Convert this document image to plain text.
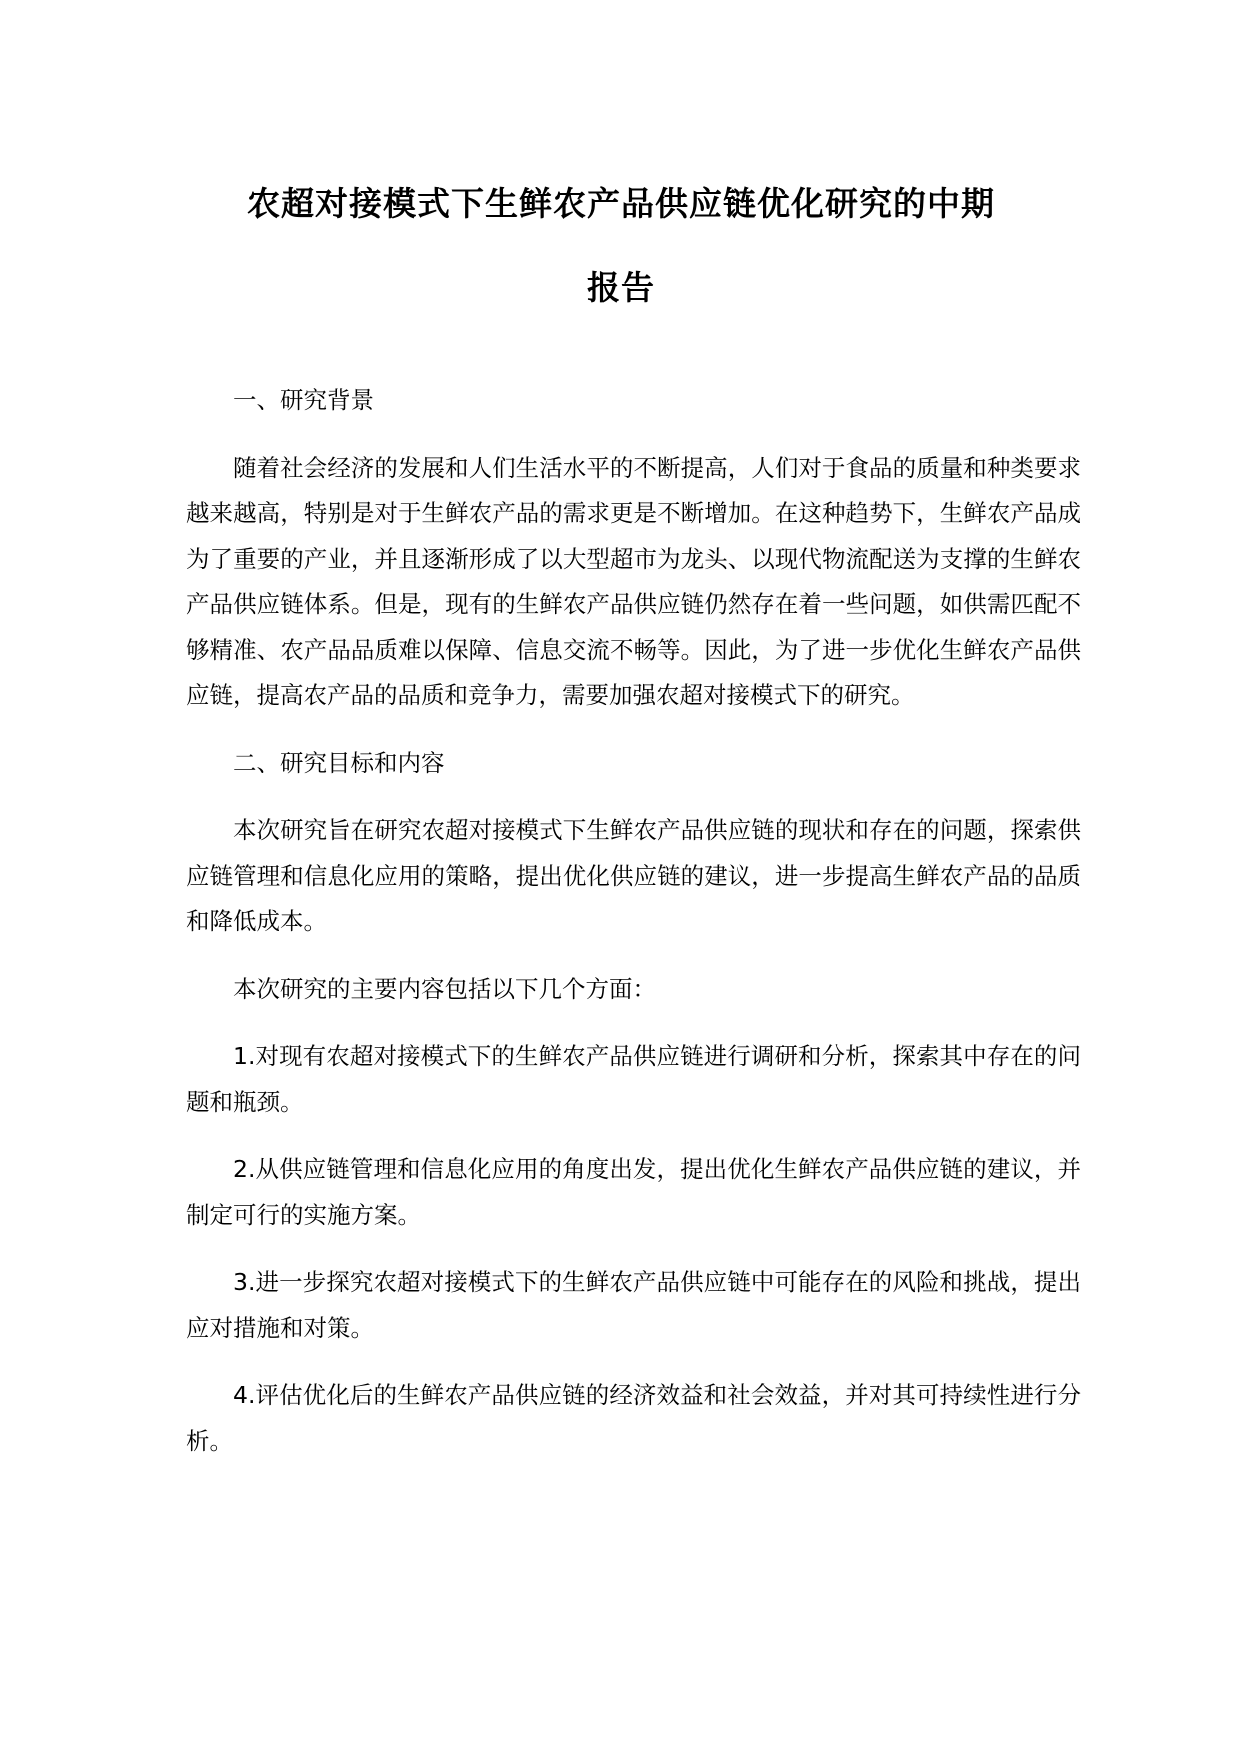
农超对接模式下生鲜农产品供应链优化研究的中期
报告

一、研究背景

随着社会经济的发展和人们生活水平的不断提高，人们对于食品的质量和种类要求越来越高，特别是对于生鲜农产品的需求更是不断增加。在这种趋势下，生鲜农产品成为了重要的产业，并且逐渐形成了以大型超市为龙头、以现代物流配送为支撑的生鲜农产品供应链体系。但是，现有的生鲜农产品供应链仍然存在着一些问题，如供需匹配不够精准、农产品品质难以保障、信息交流不畅等。因此，为了进一步优化生鲜农产品供应链，提高农产品的品质和竞争力，需要加强农超对接模式下的研究。

二、研究目标和内容

本次研究旨在研究农超对接模式下生鲜农产品供应链的现状和存在的问题，探索供应链管理和信息化应用的策略，提出优化供应链的建议，进一步提高生鲜农产品的品质和降低成本。

本次研究的主要内容包括以下几个方面：

1.对现有农超对接模式下的生鲜农产品供应链进行调研和分析，探索其中存在的问题和瓶颈。

2.从供应链管理和信息化应用的角度出发，提出优化生鲜农产品供应链的建议，并制定可行的实施方案。

3.进一步探究农超对接模式下的生鲜农产品供应链中可能存在的风险和挑战，提出应对措施和对策。

4.评估优化后的生鲜农产品供应链的经济效益和社会效益，并对其可持续性进行分析。
